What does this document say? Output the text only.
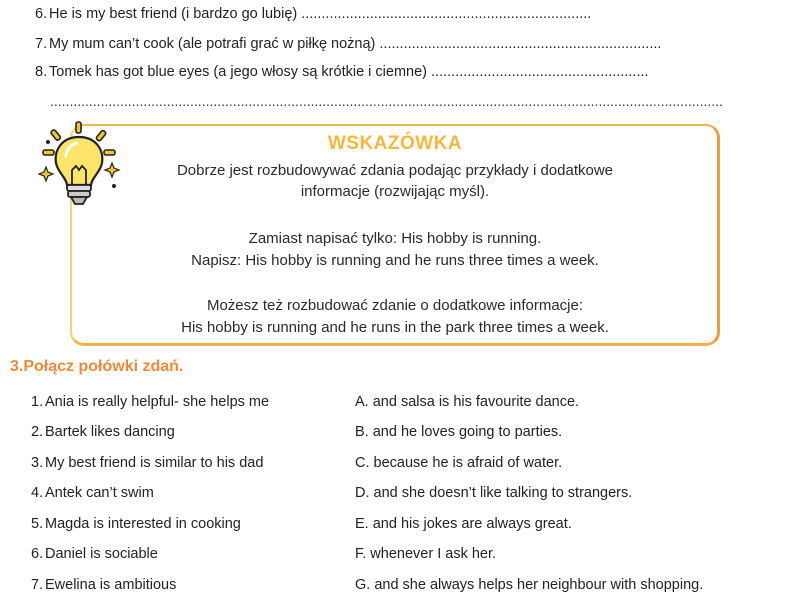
6. He is my best friend (i bardzo go lubię) ........................................................................
7. My mum can’t cook (ale potrafi grać w piłkę nożną) ......................................................................
8. Tomek has got blue eyes (a jego włosy są krótkie i ciemne) ......................................................
.............................................................................................................................................................................
WSKAZÓWKA
Dobrze jest rozbudowywać zdania podając przykłady i dodatkowe
informacje (rozwijając myśl).
Zamiast napisać tylko: His hobby is running.
Napisz: His hobby is running and he runs three times a week.
Możesz też rozbudować zdanie o dodatkowe informacje:
His hobby is running and he runs in the park three times a week.
3.Połącz połówki zdań.
1. Ania is really helpful- she helps me
2. Bartek likes dancing
3. My best friend is similar to his dad
4. Antek can’t swim
5. Magda is interested in cooking
6. Daniel is sociable
7. Ewelina is ambitious
A. and salsa is his favourite dance.
B. and he loves going to parties.
C. because he is afraid of water.
D. and she doesn’t like talking to strangers.
E. and his jokes are always great.
F. whenever I ask her.
G. and she always helps her neighbour with shopping.
